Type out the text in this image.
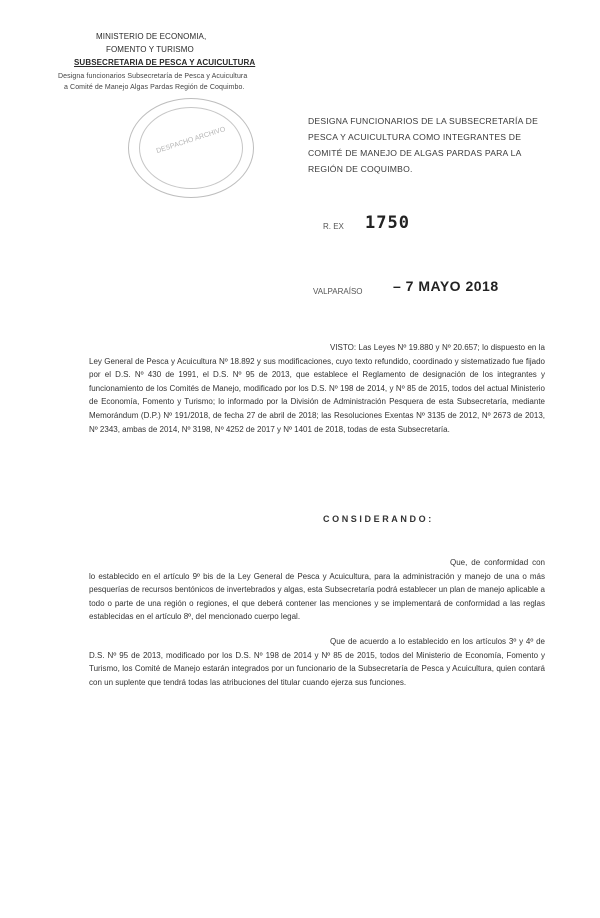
MINISTERIO DE ECONOMIA,
FOMENTO Y TURISMO
SUBSECRETARIA DE PESCA Y ACUICULTURA
Designa funcionarios Subsecretaría de Pesca y Acuicultura
a Comité de Manejo Algas Pardas Región de Coquimbo.
DESPACHO ARCHIVO
DESIGNA FUNCIONARIOS DE LA SUBSECRETARÍA DE PESCA Y ACUICULTURA COMO INTEGRANTES DE COMITÉ DE MANEJO DE ALGAS PARDAS PARA LA REGIÓN DE COQUIMBO.
R. EX 1750
VALPARAÍSO – 7 MAYO 2018
VISTO: Las Leyes Nº 19.880 y Nº 20.657; lo dispuesto en la Ley General de Pesca y Acuicultura Nº 18.892 y sus modificaciones, cuyo texto refundido, coordinado y sistematizado fue fijado por el D.S. Nº 430 de 1991, el D.S. Nº 95 de 2013, que establece el Reglamento de designación de los integrantes y funcionamiento de los Comités de Manejo, modificado por los D.S. Nº 198 de 2014, y Nº 85 de 2015, todos del actual Ministerio de Economía, Fomento y Turismo; lo informado por la División de Administración Pesquera de esta Subsecretaría, mediante Memorándum (D.P.) Nº 191/2018, de fecha 27 de abril de 2018; las Resoluciones Exentas Nº 3135 de 2012, Nº 2673 de 2013, Nº 2343, ambas de 2014, Nº 3198, Nº 4252 de 2017 y Nº 1401 de 2018, todas de esta Subsecretaría.
CONSIDERANDO:
Que, de conformidad con lo establecido en el artículo 9º bis de la Ley General de Pesca y Acuicultura, para la administración y manejo de una o más pesquerías de recursos bentónicos de invertebrados y algas, esta Subsecretaría podrá establecer un plan de manejo aplicable a todo o parte de una región o regiones, el que deberá contener las menciones y se implementará de conformidad a las reglas establecidas en el artículo 8º, del mencionado cuerpo legal.
Que de acuerdo a lo establecido en los artículos 3º y 4º de D.S. Nº 95 de 2013, modificado por los D.S. Nº 198 de 2014 y Nº 85 de 2015, todos del Ministerio de Economía, Fomento y Turismo, los Comité de Manejo estarán integrados por un funcionario de la Subsecretaría de Pesca y Acuicultura, quien contará con un suplente que tendrá todas las atribuciones del titular cuando ejerza sus funciones.
